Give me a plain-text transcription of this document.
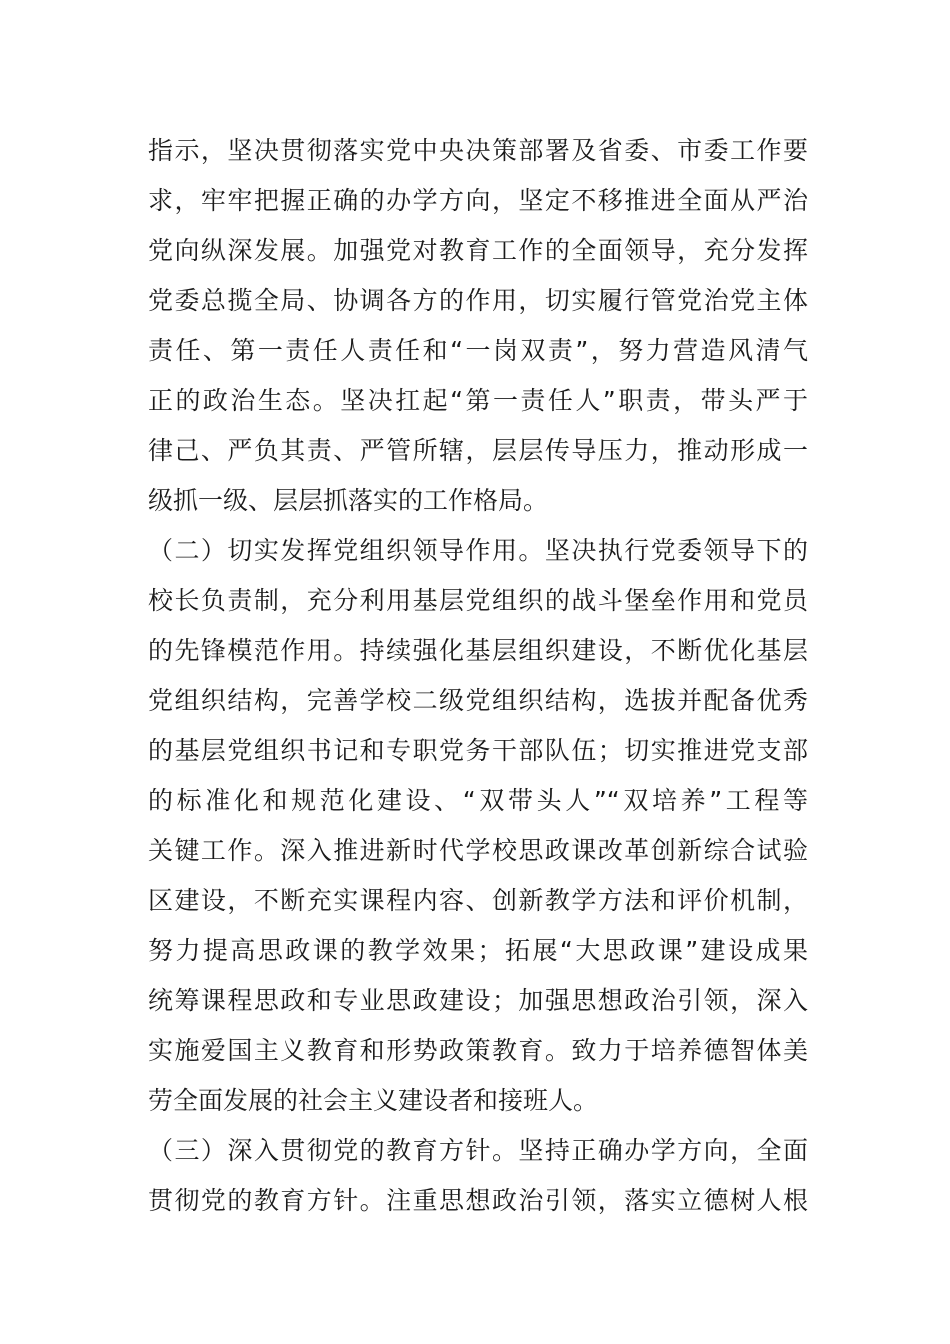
指示，坚决贯彻落实党中央决策部署及省委、市委工作要
求，牢牢把握正确的办学方向，坚定不移推进全面从严治
党向纵深发展。加强党对教育工作的全面领导，充分发挥
党委总揽全局、协调各方的作用，切实履行管党治党主体
责任、第一责任人责任和“一岗双责”，努力营造风清气
正的政治生态。坚决扛起“第一责任人”职责，带头严于
律己、严负其责、严管所辖，层层传导压力，推动形成一
级抓一级、层层抓落实的工作格局。
（二）切实发挥党组织领导作用。坚决执行党委领导下的
校长负责制，充分利用基层党组织的战斗堡垒作用和党员
的先锋模范作用。持续强化基层组织建设，不断优化基层
党组织结构，完善学校二级党组织结构，选拔并配备优秀
的基层党组织书记和专职党务干部队伍；切实推进党支部
的标准化和规范化建设、“双带头人”“双培养”工程等
关键工作。深入推进新时代学校思政课改革创新综合试验
区建设，不断充实课程内容、创新教学方法和评价机制，
努力提高思政课的教学效果；拓展“大思政课”建设成果
统筹课程思政和专业思政建设；加强思想政治引领，深入
实施爱国主义教育和形势政策教育。致力于培养德智体美
劳全面发展的社会主义建设者和接班人。
（三）深入贯彻党的教育方针。坚持正确办学方向，全面
贯彻党的教育方针。注重思想政治引领，落实立德树人根
